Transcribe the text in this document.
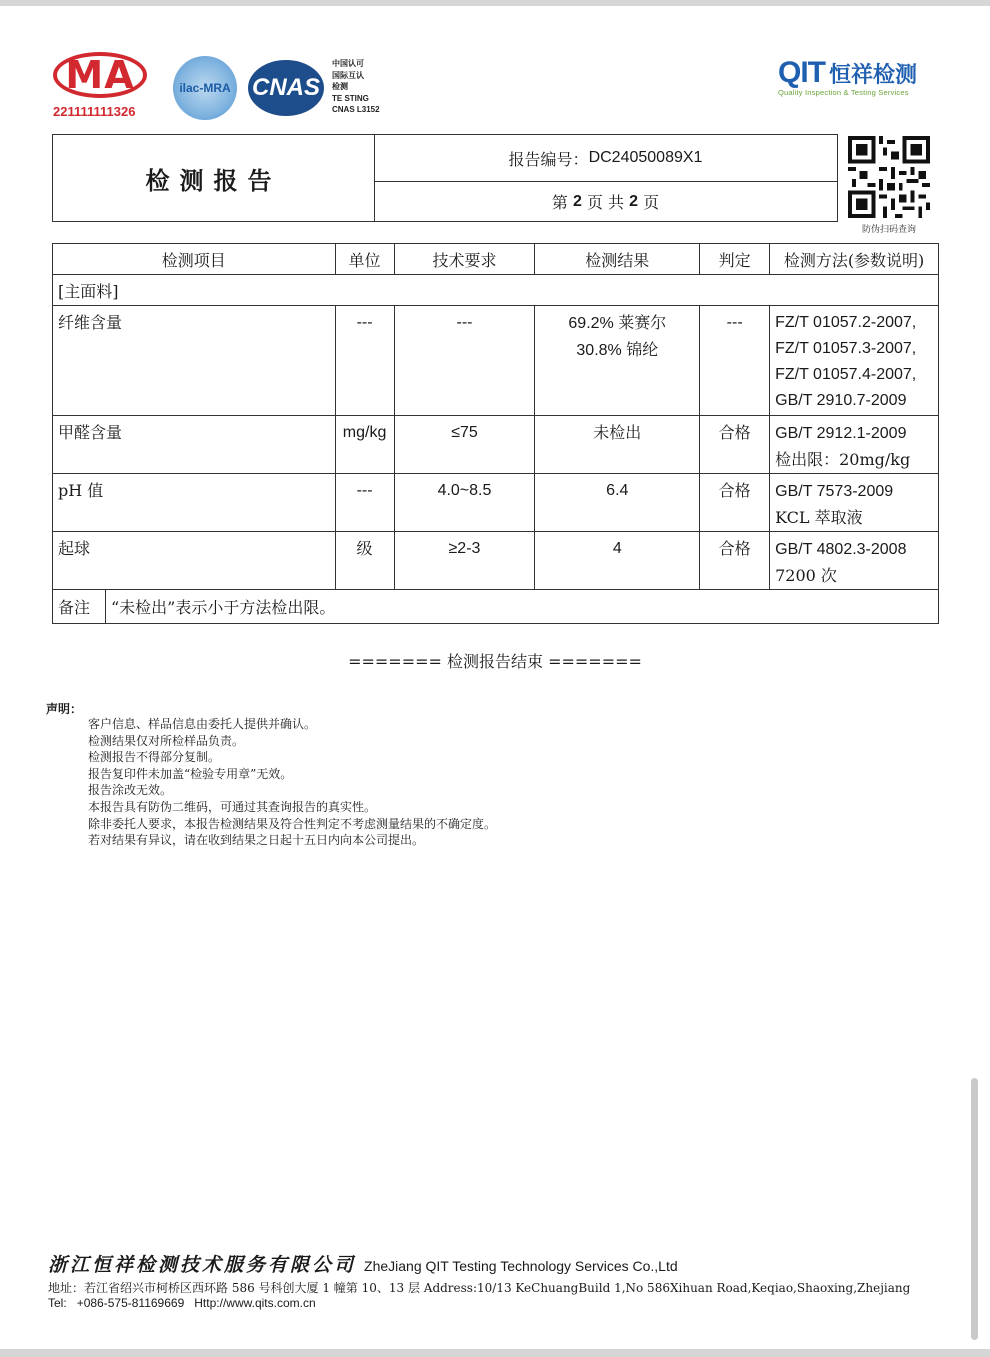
MA
221111111326
ilac-MRA CNAS
中国认可
国际互认
检测
TE STING
CNAS L3152
QIT 恒祥检测
Quality Inspection & Testing Services
检测报告
报告编号： DC24050089X1
第
2
页 共
2
页
防伪扫码查询
检测项目	单位	技术要求	检测结果	判定	检测方法(参数说明)
[主面料]					
纤维含量	---	---	69.2% 莱赛尔
30.8% 锦纶	---	FZ/T 01057.2-2007,
FZ/T 01057.3-2007,
FZ/T 01057.4-2007,
GB/T 2910.7-2009
甲醛含量	mg/kg	≤75	未检出	合格	GB/T 2912.1-2009
检出限：20mg/kg
pH 值	---	4.0~8.5	6.4	合格	GB/T 7573-2009
KCL 萃取液
起球	级	≥2-3	4	合格	GB/T 4802.3-2008
7200 次

备注 “未检出”表示小于方法检出限。					
======= 检测报告结束 =======
声明：
客户信息、样品信息由委托人提供并确认。
检测结果仅对所检样品负责。
检测报告不得部分复制。
报告复印件未加盖“检验专用章”无效。
报告涂改无效。
本报告具有防伪二维码，可通过其查询报告的真实性。
除非委托人要求，本报告检测结果及符合性判定不考虑测量结果的不确定度。
若对结果有异议，请在收到结果之日起十五日内向本公司提出。
浙江恒祥检测技术服务有限公司 ZheJiang QIT Testing Technology Services Co.,Ltd
地址：若江省绍兴市柯桥区西环路 586 号科创大厦 1 幢第 10、13 层 Address:10/13 KeChuangBuild 1,No 586Xihuan Road,Keqiao,Shaoxing,Zhejiang
Tel: +086-575-81169669 Http://www.qits.com.cn
